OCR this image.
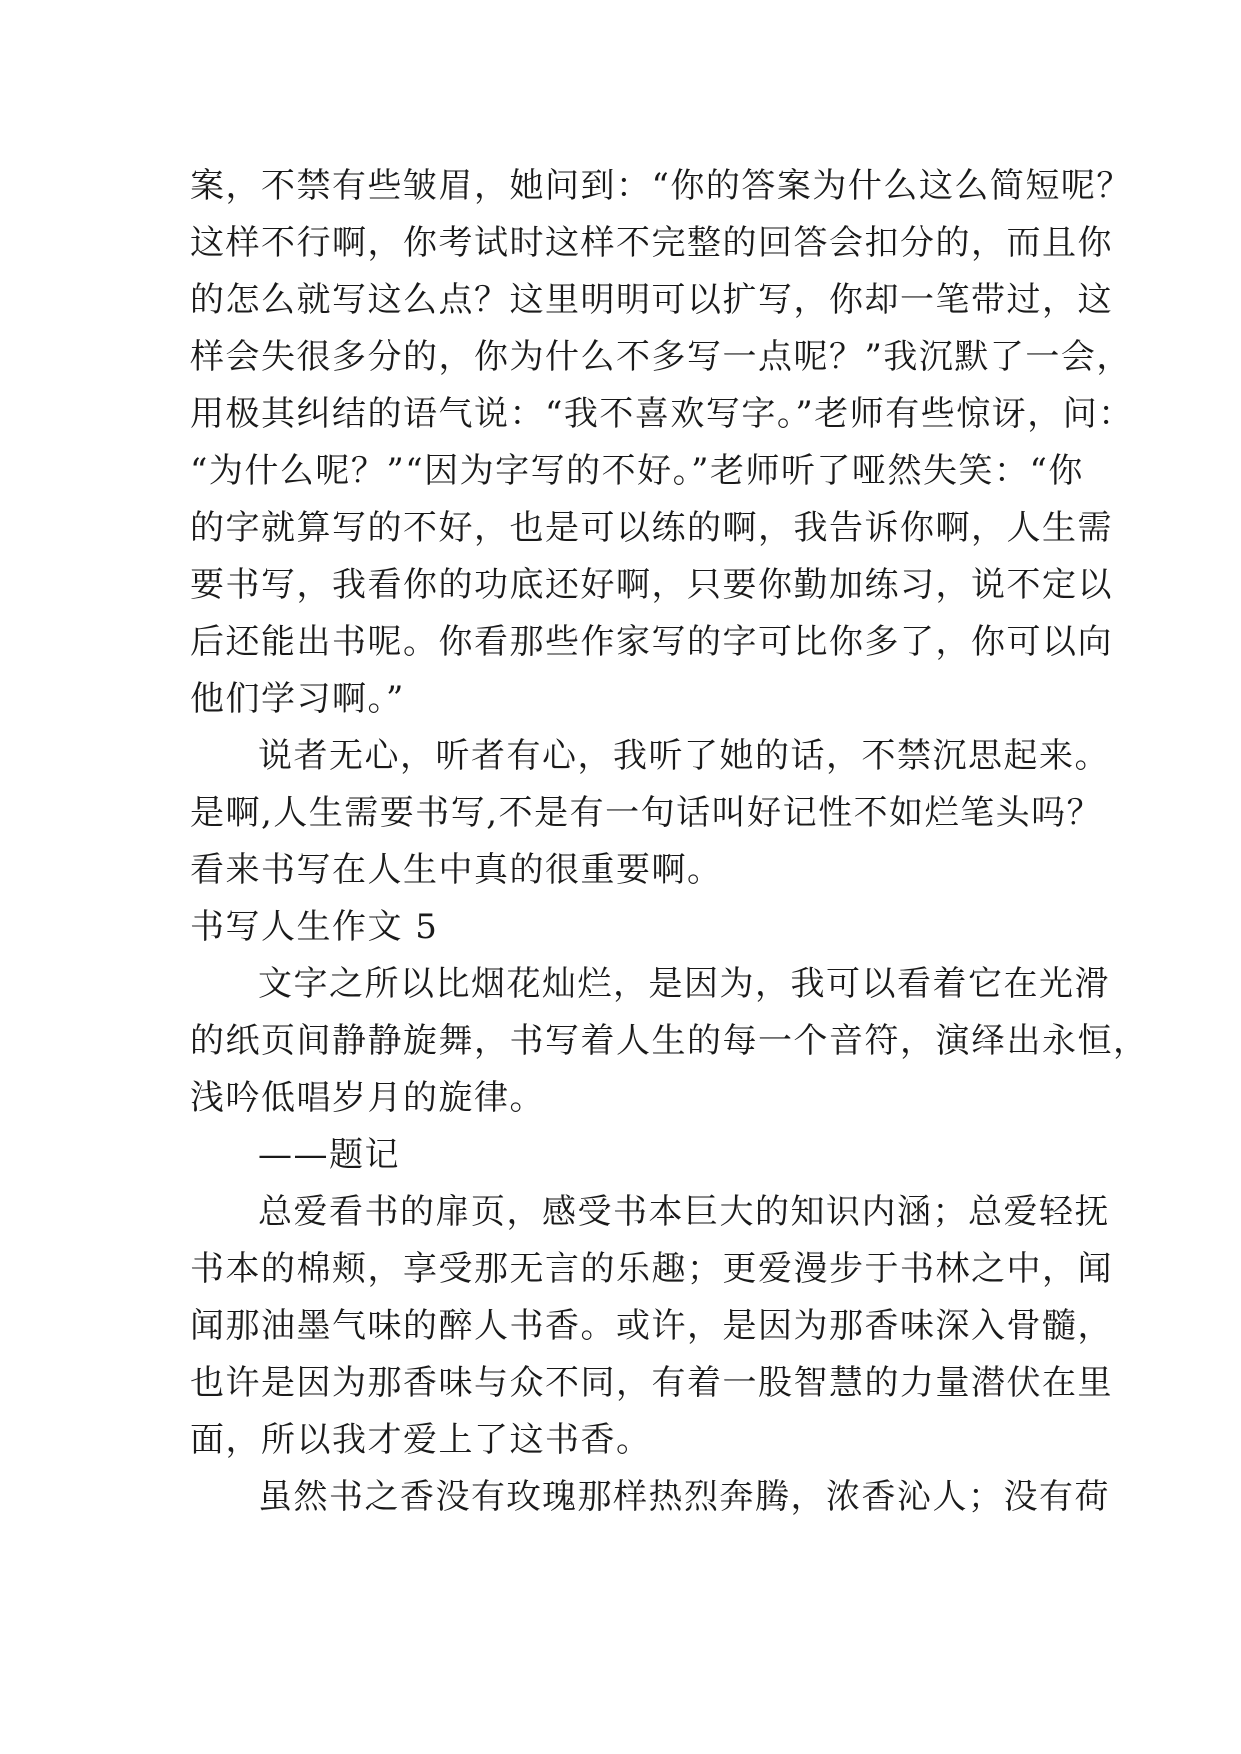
案，不禁有些皱眉，她问到：“你的答案为什么这么简短呢？
这样不行啊，你考试时这样不完整的回答会扣分的，而且你
的怎么就写这么点？这里明明可以扩写，你却一笔带过，这
样会失很多分的，你为什么不多写一点呢？”我沉默了一会，
用极其纠结的语气说：“我不喜欢写字。”老师有些惊讶，问：
“为什么呢？”“因为字写的不好。”老师听了哑然失笑：“你
的字就算写的不好，也是可以练的啊，我告诉你啊，人生需
要书写，我看你的功底还好啊，只要你勤加练习，说不定以
后还能出书呢。你看那些作家写的字可比你多了，你可以向
他们学习啊。”
说者无心，听者有心，我听了她的话，不禁沉思起来。
是啊,人生需要书写,不是有一句话叫好记性不如烂笔头吗？
看来书写在人生中真的很重要啊。
书写人生作文 5
文字之所以比烟花灿烂，是因为，我可以看着它在光滑
的纸页间静静旋舞，书写着人生的每一个音符，演绎出永恒，
浅吟低唱岁月的旋律。
——题记
总爱看书的扉页，感受书本巨大的知识内涵；总爱轻抚
书本的棉颊，享受那无言的乐趣；更爱漫步于书林之中，闻
闻那油墨气味的醉人书香。或许，是因为那香味深入骨髓，
也许是因为那香味与众不同，有着一股智慧的力量潜伏在里
面，所以我才爱上了这书香。
虽然书之香没有玫瑰那样热烈奔腾，浓香沁人；没有荷
